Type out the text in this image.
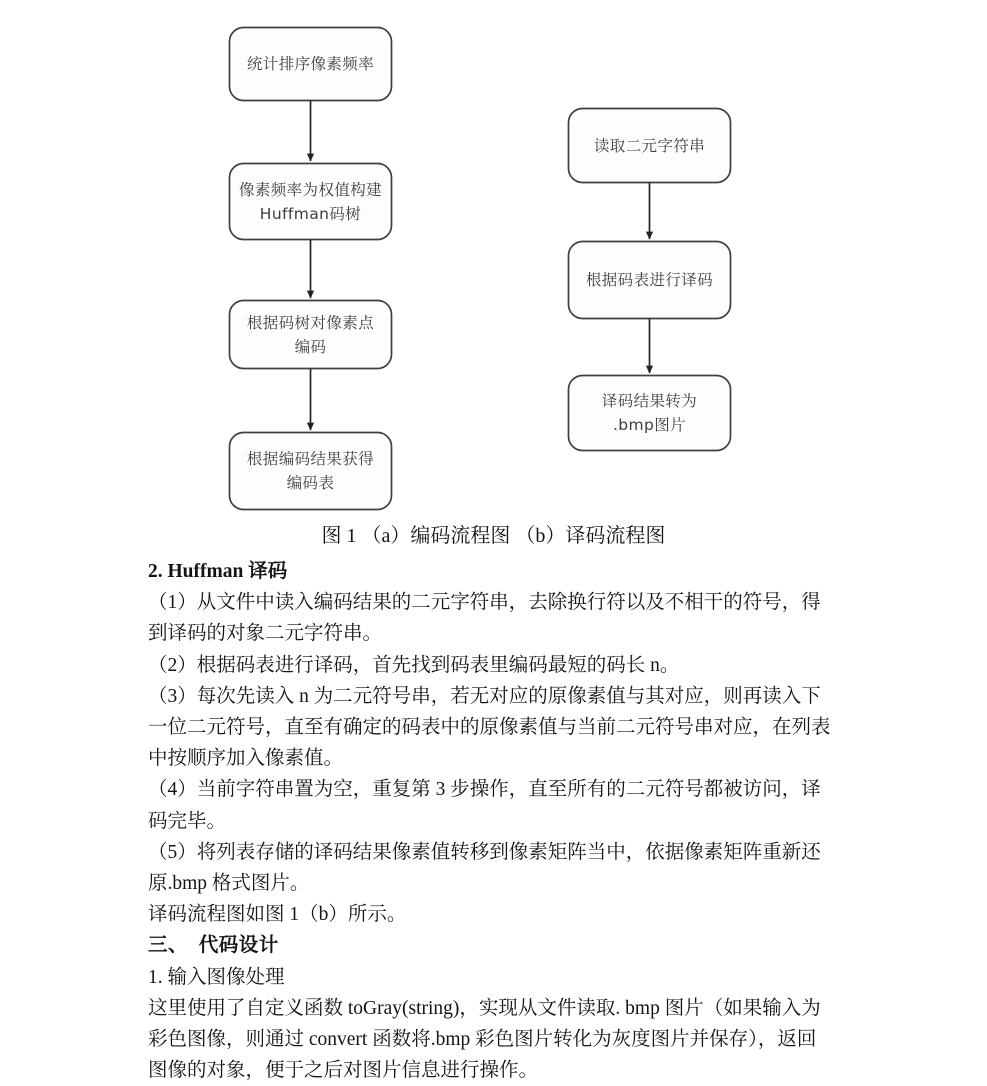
统计排序像素频率
像素频率为权值构建
Huffman码树
根据码树对像素点
编码
根据编码结果获得
编码表
读取二元字符串
根据码表进行译码
译码结果转为
.bmp图片
图 1 （a）编码流程图 （b）译码流程图
2. Huffman 译码
（1）从文件中读入编码结果的二元字符串，去除换行符以及不相干的符号，得
到译码的对象二元字符串。
（2）根据码表进行译码，首先找到码表里编码最短的码长 n。
（3）每次先读入 n 为二元符号串，若无对应的原像素值与其对应，则再读入下
一位二元符号，直至有确定的码表中的原像素值与当前二元符号串对应，在列表
中按顺序加入像素值。
（4）当前字符串置为空，重复第 3 步操作，直至所有的二元符号都被访问，译
码完毕。
（5）将列表存储的译码结果像素值转移到像素矩阵当中，依据像素矩阵重新还
原.bmp 格式图片。
译码流程图如图 1（b）所示。
三、  代码设计
1. 输入图像处理
这里使用了自定义函数 toGray(string)，实现从文件读取. bmp 图片（如果输入为
彩色图像，则通过 convert 函数将.bmp 彩色图片转化为灰度图片并保存），返回
图像的对象，便于之后对图片信息进行操作。
